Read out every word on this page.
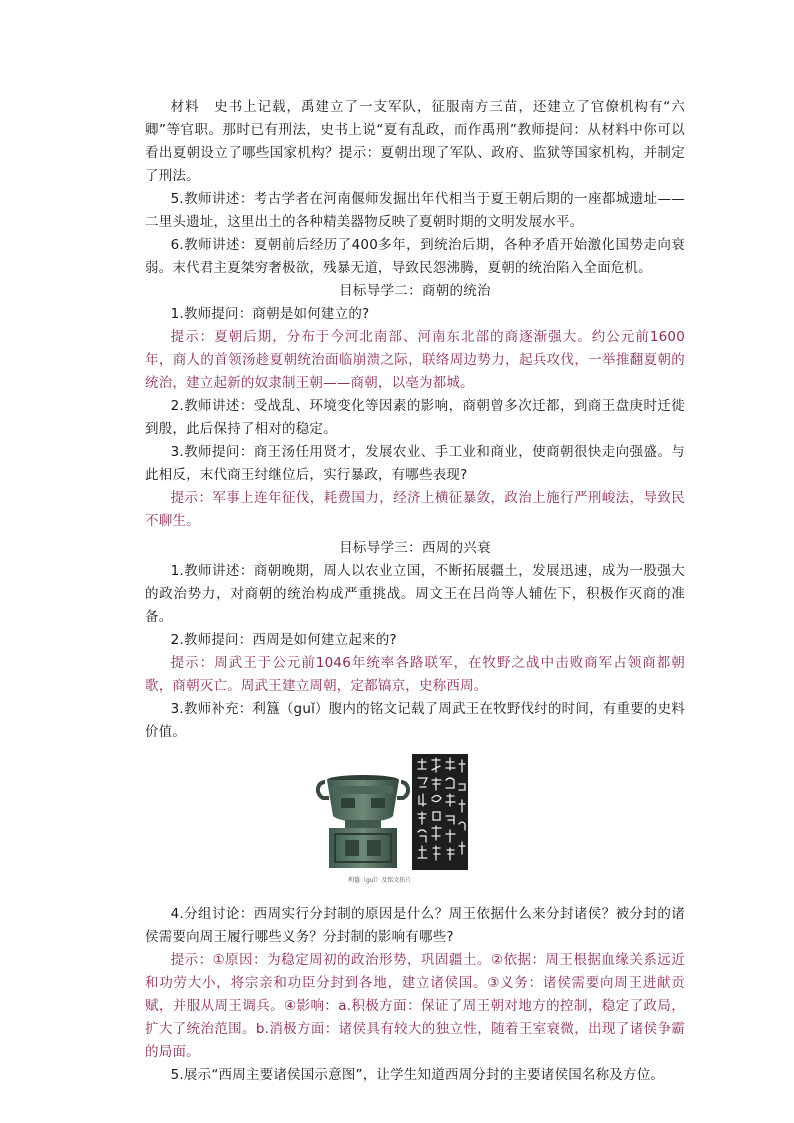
材料　史书上记载，禹建立了一支军队，征服南方三苗，还建立了官僚机构有“六卿”等官职。那时已有刑法，史书上说“夏有乱政，而作禹刑”教师提问：从材料中你可以看出夏朝设立了哪些国家机构？提示：夏朝出现了军队、政府、监狱等国家机构，并制定了刑法。

5.教师讲述：考古学者在河南偃师发掘出年代相当于夏王朝后期的一座都城遗址——二里头遗址，这里出土的各种精美器物反映了夏朝时期的文明发展水平。

6.教师讲述：夏朝前后经历了400多年，到统治后期，各种矛盾开始激化国势走向衰弱。末代君主夏桀穷奢极欲，残暴无道，导致民怨沸腾，夏朝的统治陷入全面危机。

目标导学二：商朝的统治

1.教师提问：商朝是如何建立的?

提示：夏朝后期，分布于今河北南部、河南东北部的商逐渐强大。约公元前1600年，商人的首领汤趁夏朝统治面临崩溃之际，联络周边势力，起兵攻伐，一举推翻夏朝的统治，建立起新的奴隶制王朝——商朝，以亳为都城。

2.教师讲述：受战乱、环境变化等因素的影响，商朝曾多次迁都，到商王盘庚时迁徙到殷，此后保持了相对的稳定。

3.教师提问：商王汤任用贤才，发展农业、手工业和商业，使商朝很快走向强盛。与此相反，末代商王纣继位后，实行暴政，有哪些表现?

提示：军事上连年征伐，耗费国力，经济上横征暴敛，政治上施行严刑峻法，导致民不聊生。

目标导学三：西周的兴衰

1.教师讲述：商朝晚期，周人以农业立国，不断拓展疆土，发展迅速，成为一股强大的政治势力，对商朝的统治构成严重挑战。周文王在吕尚等人辅佐下，积极作灭商的准备。

2.教师提问：西周是如何建立起来的?

提示：周武王于公元前1046年统率各路联军，在牧野之战中击败商军占领商都朝歌，商朝灭亡。周武王建立周朝，定都镐京，史称西周。

3.教师补充：利簋（guǐ）腹内的铭文记载了周武王在牧野伐纣的时间，有重要的史料价值。

利簋（guǐ）及铭文拓片

4.分组讨论：西周实行分封制的原因是什么？周王依据什么来分封诸侯？被分封的诸侯需要向周王履行哪些义务？分封制的影响有哪些?

提示：①原因：为稳定周初的政治形势，巩固疆土。②依据：周王根据血缘关系远近和功劳大小，将宗亲和功臣分封到各地，建立诸侯国。③义务：诸侯需要向周王进献贡赋，并服从周王调兵。④影响：a.积极方面：保证了周王朝对地方的控制，稳定了政局，扩大了统治范围。b.消极方面：诸侯具有较大的独立性，随着王室衰微，出现了诸侯争霸的局面。

5.展示“西周主要诸侯国示意图”，让学生知道西周分封的主要诸侯国名称及方位。
